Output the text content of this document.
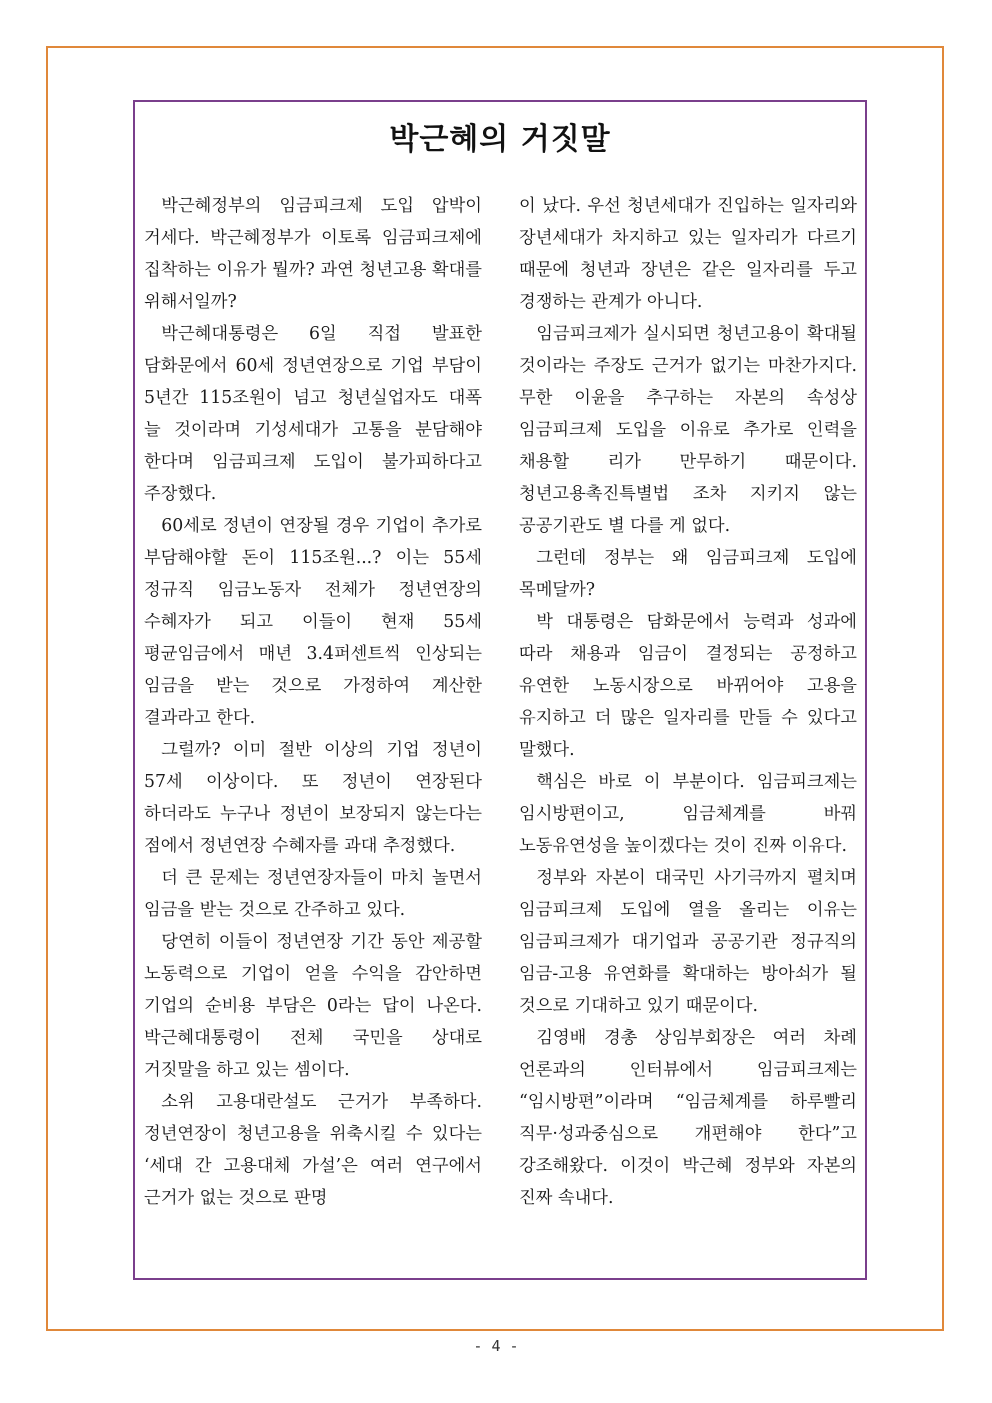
박근혜의 거짓말

박근혜정부의 임금피크제 도입 압박이 거세다. 박근혜정부가 이토록 임금피크제에 집착하는 이유가 뭘까? 과연 청년고용 확대를 위해서일까?

박근혜대통령은 6일 직접 발표한 담화문에서 60세 정년연장으로 기업 부담이 5년간 115조원이 넘고 청년실업자도 대폭 늘 것이라며 기성세대가 고통을 분담해야 한다며 임금피크제 도입이 불가피하다고 주장했다.

60세로 정년이 연장될 경우 기업이 추가로 부담해야할 돈이 115조원...? 이는 55세 정규직 임금노동자 전체가 정년연장의 수혜자가 되고 이들이 현재 55세 평균임금에서 매년 3.4퍼센트씩 인상되는 임금을 받는 것으로 가정하여 계산한 결과라고 한다.

그럴까? 이미 절반 이상의 기업 정년이 57세 이상이다. 또 정년이 연장된다 하더라도 누구나 정년이 보장되지 않는다는 점에서 정년연장 수혜자를 과대 추정했다.

더 큰 문제는 정년연장자들이 마치 놀면서 임금을 받는 것으로 간주하고 있다.

당연히 이들이 정년연장 기간 동안 제공할 노동력으로 기업이 얻을 수익을 감안하면 기업의 순비용 부담은 0라는 답이 나온다. 박근혜대통령이 전체 국민을 상대로 거짓말을 하고 있는 셈이다.

소위 고용대란설도 근거가 부족하다. 정년연장이 청년고용을 위축시킬 수 있다는 ‘세대 간 고용대체 가설’은 여러 연구에서 근거가 없는 것으로 판명

이 났다. 우선 청년세대가 진입하는 일자리와 장년세대가 차지하고 있는 일자리가 다르기 때문에 청년과 장년은 같은 일자리를 두고 경쟁하는 관계가 아니다.

임금피크제가 실시되면 청년고용이 확대될 것이라는 주장도 근거가 없기는 마찬가지다. 무한 이윤을 추구하는 자본의 속성상 임금피크제 도입을 이유로 추가로 인력을 채용할 리가 만무하기 때문이다. 청년고용촉진특별법 조차 지키지 않는 공공기관도 별 다를 게 없다.

그런데 정부는 왜 임금피크제 도입에 목메달까?

박 대통령은 담화문에서 능력과 성과에 따라 채용과 임금이 결정되는 공정하고 유연한 노동시장으로 바뀌어야 고용을 유지하고 더 많은 일자리를 만들 수 있다고 말했다.

핵심은 바로 이 부분이다. 임금피크제는 임시방편이고, 임금체계를 바꿔 노동유연성을 높이겠다는 것이 진짜 이유다.

정부와 자본이 대국민 사기극까지 펼치며 임금피크제 도입에 열을 올리는 이유는 임금피크제가 대기업과 공공기관 정규직의 임금-고용 유연화를 확대하는 방아쇠가 될 것으로 기대하고 있기 때문이다.

김영배 경총 상임부회장은 여러 차례 언론과의 인터뷰에서 임금피크제는 “임시방편”이라며 “임금체계를 하루빨리 직무·성과중심으로 개편해야 한다”고 강조해왔다. 이것이 박근혜 정부와 자본의 진짜 속내다.

- 4 -
